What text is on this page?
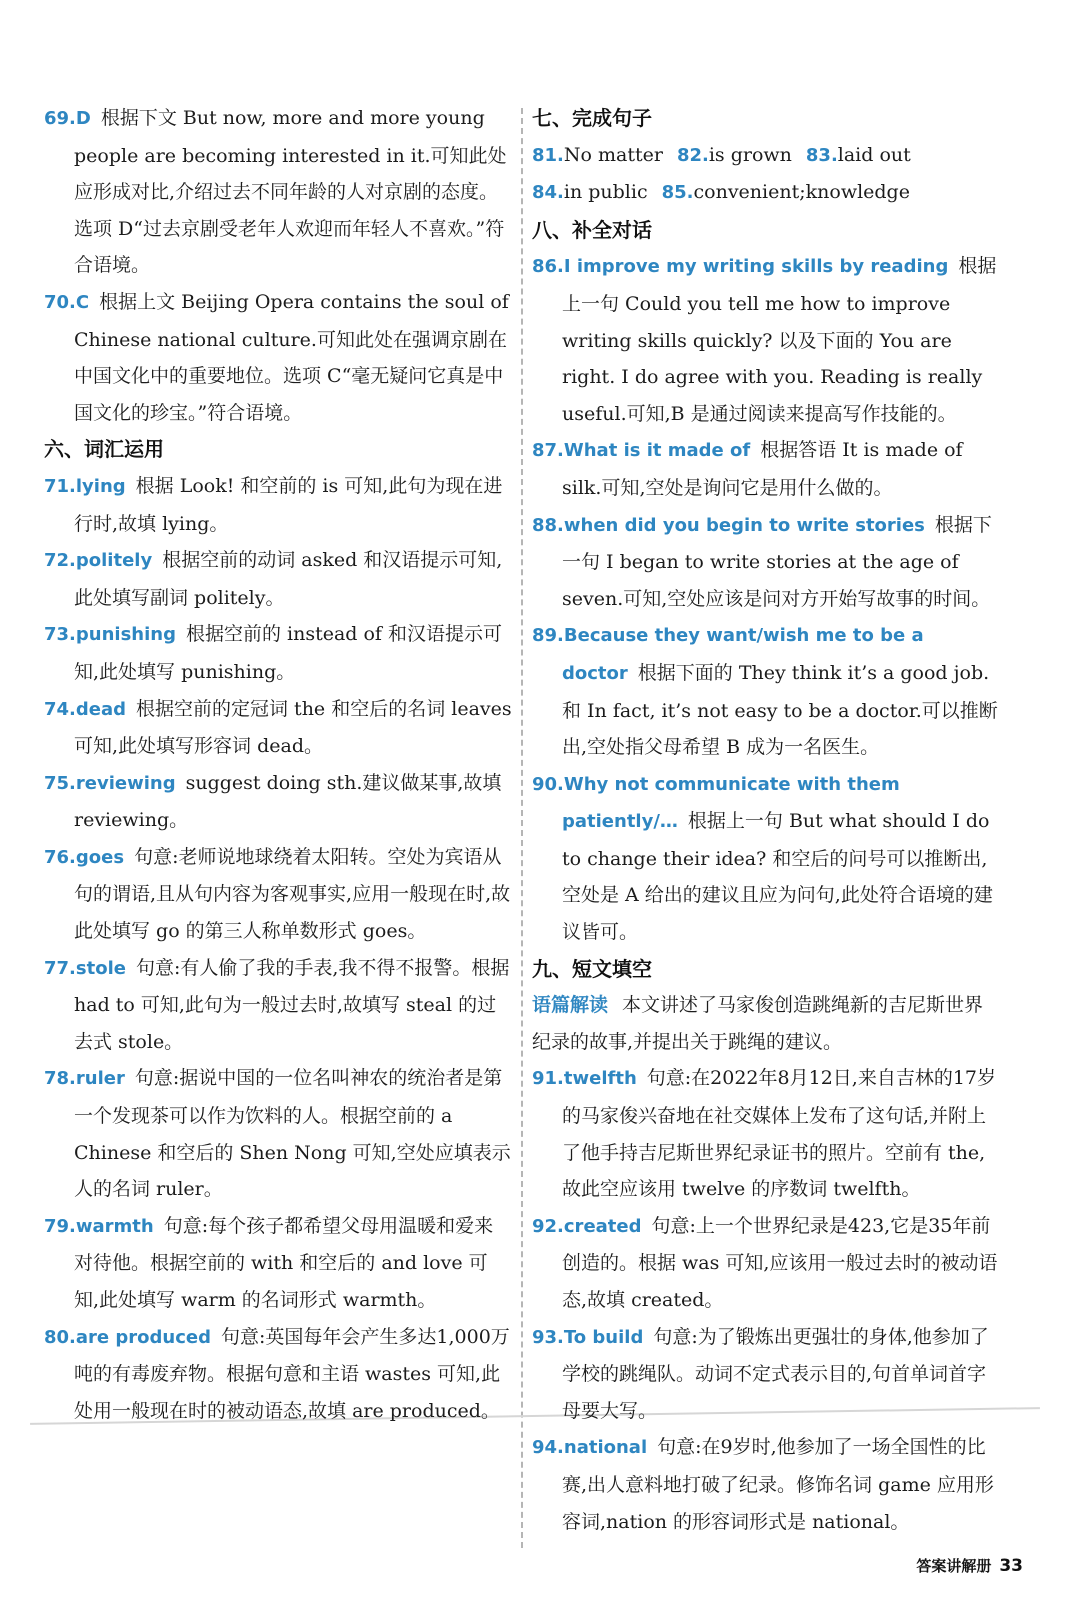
69.D 根据下文 But now, more and more young people are becoming interested in it.可知此处应形成对比,介绍过去不同年龄的人对京剧的态度。选项 D“过去京剧受老年人欢迎而年轻人不喜欢。”符合语境。

70.C 根据上文 Beijing Opera contains the soul of Chinese national culture.可知此处在强调京剧在中国文化中的重要地位。选项 C“毫无疑问它真是中国文化的珍宝。”符合语境。

六、词汇运用

71.lying 根据 Look! 和空前的 is 可知,此句为现在进行时,故填 lying。

72.politely 根据空前的动词 asked 和汉语提示可知,此处填写副词 politely。

73.punishing 根据空前的 instead of 和汉语提示可知,此处填写 punishing。

74.dead 根据空前的定冠词 the 和空后的名词 leaves 可知,此处填写形容词 dead。

75.reviewing suggest doing sth.建议做某事,故填 reviewing。

76.goes 句意:老师说地球绕着太阳转。空处为宾语从句的谓语,且从句内容为客观事实,应用一般现在时,故此处填写 go 的第三人称单数形式 goes。

77.stole 句意:有人偷了我的手表,我不得不报警。根据 had to 可知,此句为一般过去时,故填写 steal 的过去式 stole。

78.ruler 句意:据说中国的一位名叫神农的统治者是第一个发现茶可以作为饮料的人。根据空前的 a Chinese 和空后的 Shen Nong 可知,空处应填表示人的名词 ruler。

79.warmth 句意:每个孩子都希望父母用温暖和爱来对待他。根据空前的 with 和空后的 and love 可知,此处填写 warm 的名词形式 warmth。

80.are produced 句意:英国每年会产生多达1,000万吨的有毒废弃物。根据句意和主语 wastes 可知,此处用一般现在时的被动语态,故填 are produced。

七、完成句子

81.No matter 82.is grown 83.laid out

84.in public 85.convenient;knowledge

八、补全对话

86.I improve my writing skills by reading 根据上一句 Could you tell me how to improve writing skills quickly? 以及下面的 You are right. I do agree with you. Reading is really useful.可知,B 是通过阅读来提高写作技能的。

87.What is it made of 根据答语 It is made of silk.可知,空处是询问它是用什么做的。

88.when did you begin to write stories 根据下一句 I began to write stories at the age of seven.可知,空处应该是问对方开始写故事的时间。

89.Because they want/wish me to be a doctor 根据下面的 They think it’s a good job.和 In fact, it’s not easy to be a doctor.可以推断出,空处指父母希望 B 成为一名医生。

90.Why not communicate with them patiently/… 根据上一句 But what should I do to change their idea? 和空后的问号可以推断出,空处是 A 给出的建议且应为问句,此处符合语境的建议皆可。

九、短文填空

语篇解读 本文讲述了马家俊创造跳绳新的吉尼斯世界纪录的故事,并提出关于跳绳的建议。

91.twelfth 句意:在2022年8月12日,来自吉林的17岁的马家俊兴奋地在社交媒体上发布了这句话,并附上了他手持吉尼斯世界纪录证书的照片。空前有 the,故此空应该用 twelve 的序数词 twelfth。

92.created 句意:上一个世界纪录是423,它是35年前创造的。根据 was 可知,应该用一般过去时的被动语态,故填 created。

93.To build 句意:为了锻炼出更强壮的身体,他参加了学校的跳绳队。动词不定式表示目的,句首单词首字母要大写。

94.national 句意:在9岁时,他参加了一场全国性的比赛,出人意料地打破了纪录。修饰名词 game 应用形容词,nation 的形容词形式是 national。

答案讲解册 33
